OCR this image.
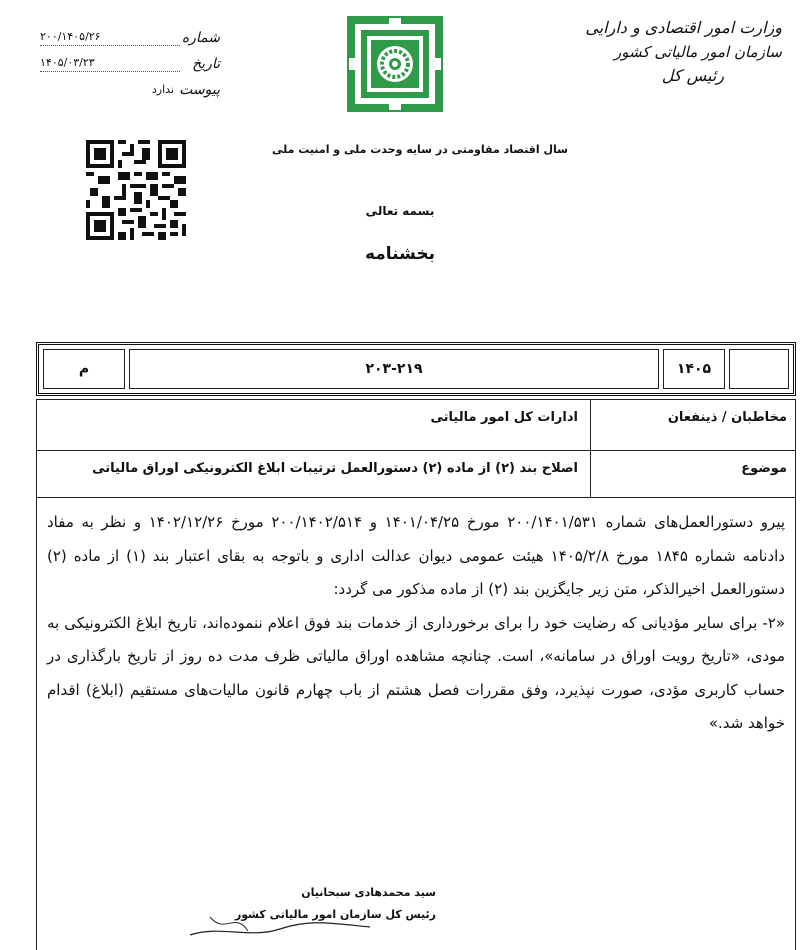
وزارت امور اقتصادی و دارایی
سازمان امور مالیاتی کشور
رئیس کل
شماره
۲۰۰/۱۴۰۵/۲۶
تاریخ
۱۴۰۵/۰۳/۲۳
پیوست
ندارد
سال اقتصاد مقاومتی در سایه وحدت ملی و امنیت ملی
بسمه تعالی
بخشنامه
۱۴۰۵
۲۰۳-۲۱۹
م
مخاطبان / ذینفعان
ادارات کل امور مالیاتی
موضوع
اصلاح بند (۲) از ماده (۲) دستورالعمل ترتیبات ابلاغ الکترونیکی اوراق مالیاتی

پیرو دستورالعمل‌های شماره ۲۰۰/۱۴۰۱/۵۳۱ مورخ ۱۴۰۱/۰۴/۲۵ و ۲۰۰/۱۴۰۲/۵۱۴ مورخ ۱۴۰۲/۱۲/۲۶ و نظر به مفاد دادنامه شماره ۱۸۴۵ مورخ ۱۴۰۵/۲/۸ هیئت عمومی دیوان عدالت اداری و باتوجه به بقای اعتبار بند (۱) از ماده (۲) دستورالعمل اخیرالذکر، متن زیر جایگزین بند (۲) از ماده مذکور می گردد:

«۲- برای سایر مؤدیانی که رضایت خود را برای برخورداری از خدمات بند فوق اعلام ننموده‌اند، تاریخ ابلاغ الکترونیکی به مودی، «تاریخ رویت اوراق در سامانه»، است. چنانچه مشاهده اوراق مالیاتی ظرف مدت ده روز از تاریخ بارگذاری در حساب کاربری مؤدی، صورت نپذیرد، وفق مقررات فصل هشتم از باب چهارم قانون مالیات‌های مستقیم (ابلاغ) اقدام خواهد شد.»

سید محمدهادی سبحانیان
رئیس کل سازمان امور مالیاتی کشور
